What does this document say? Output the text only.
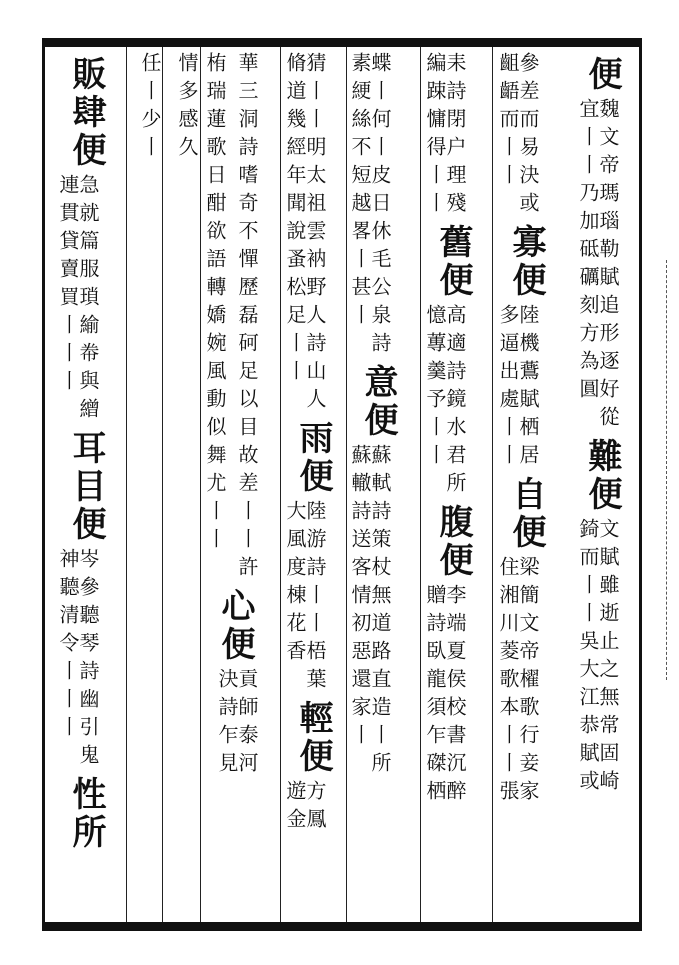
便
魏文帝瑪瑙勒賦追形逐好從
宜丨丨乃加砥礪刻方為圓
難便
文賦雖逝止之無常固崎
錡而丨丨吳大江恭賦或
參差而易決或
齟齬而丨丨
寡便
陸機鷰賦栖居
多逼出處丨丨
自便
梁簡文帝櫂歌行妾家
住湘川菱歌本丨丨張
耒詩閉户理殘
編踈慵得丨丨
舊便
高適詩鏡水君所
憶蓴羹予丨丨
腹便
李端夏侯校書沉醉
贈詩臥龍須乍磔栖
蝶丨何丨皮日休毛公泉詩
素綆絲不短越畧丨甚丨
意便
蘇軾詩策杖無道路直造丨所
蘇轍詩送客情初惡還家丨
猜丨丨明太祖雲衲野人詩山人
脩道幾經年聞說蚤松足丨丨
雨便
陸游詩丨丨梧葉
大風度棟花香
輕便
方鳳
遊金
華三洞詩嗜奇不憚歷磊砢足以目故差丨丨許
心便
貢師泰河
決詩乍見
栯瑞蓮歌日酣欲語轉嬌婉風動似舞尤丨丨
情多感久
任丨少丨
販肆便
急就篇服瑣緰帣與繒
連貫貸賣買丨丨丨
耳目便
岑參聽琴詩幽引鬼
神聽清令丨丨丨
性所
